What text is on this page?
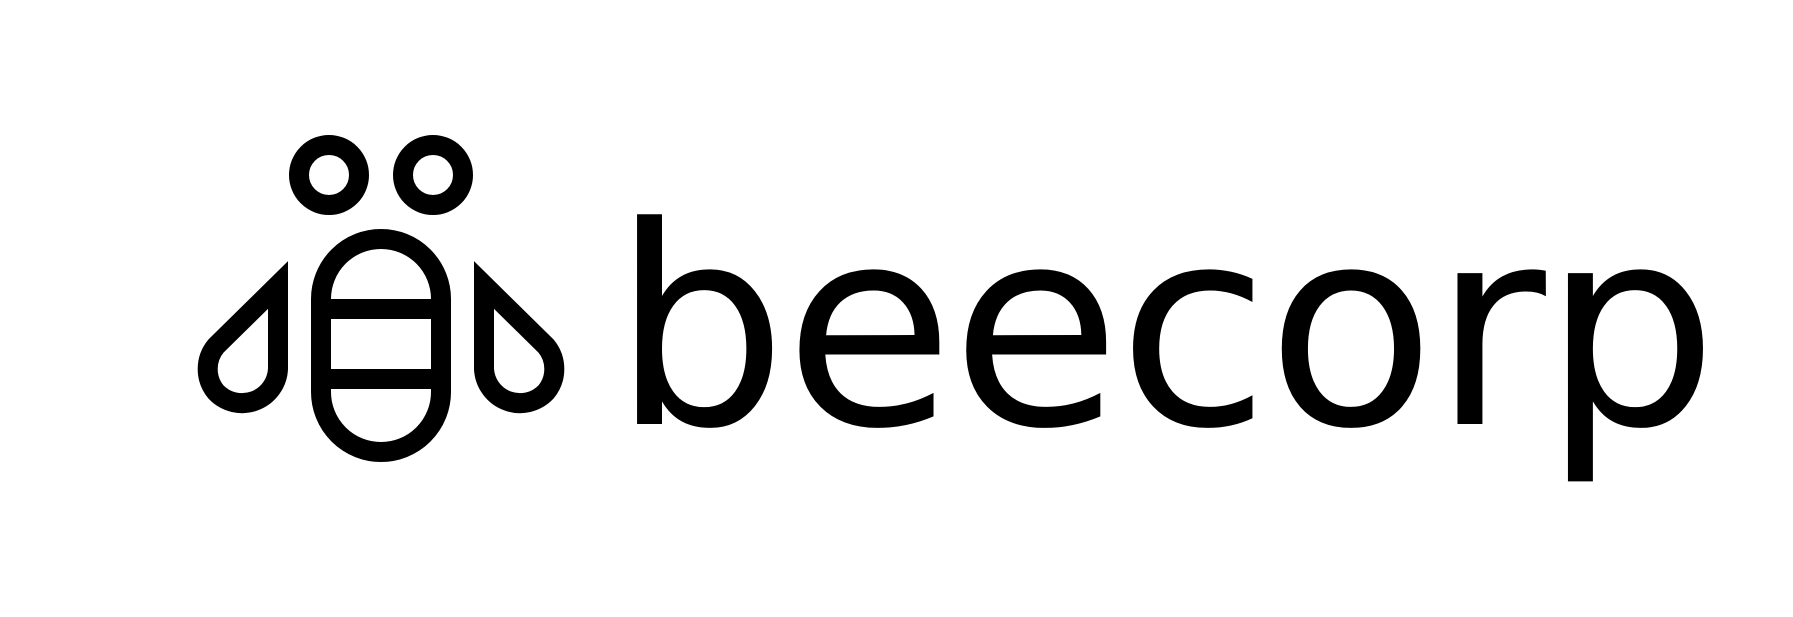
beecorp
